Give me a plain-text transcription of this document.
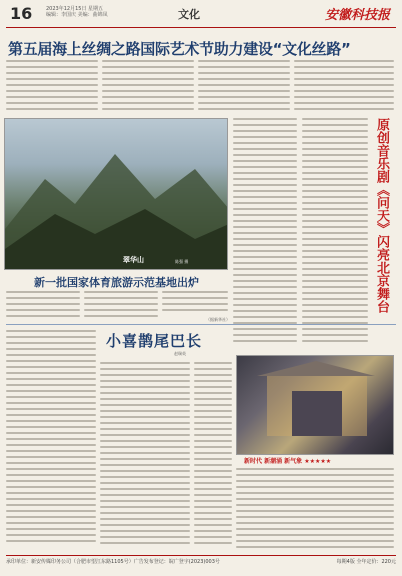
16	2023年12月15日 星期五
编辑：李国庆 美编：曲锦凤	文化	安徽科技报
第五届海上丝绸之路国际艺术节助力建设“文化丝路”
翠华山	陈强 摄	原创音乐剧《问天》闪亮北京舞台
新一批国家体育旅游示范基地出炉
（据新华社）
新时代 新潮涌 新气象 ★★★★★
小喜鹊尾巴长
赵瑞英
承印单位：新安传媒印务公司（合肥市望江东路1105号）广告发布登记：皖广登字(2023)003号	每期4版 全年定价：220元
